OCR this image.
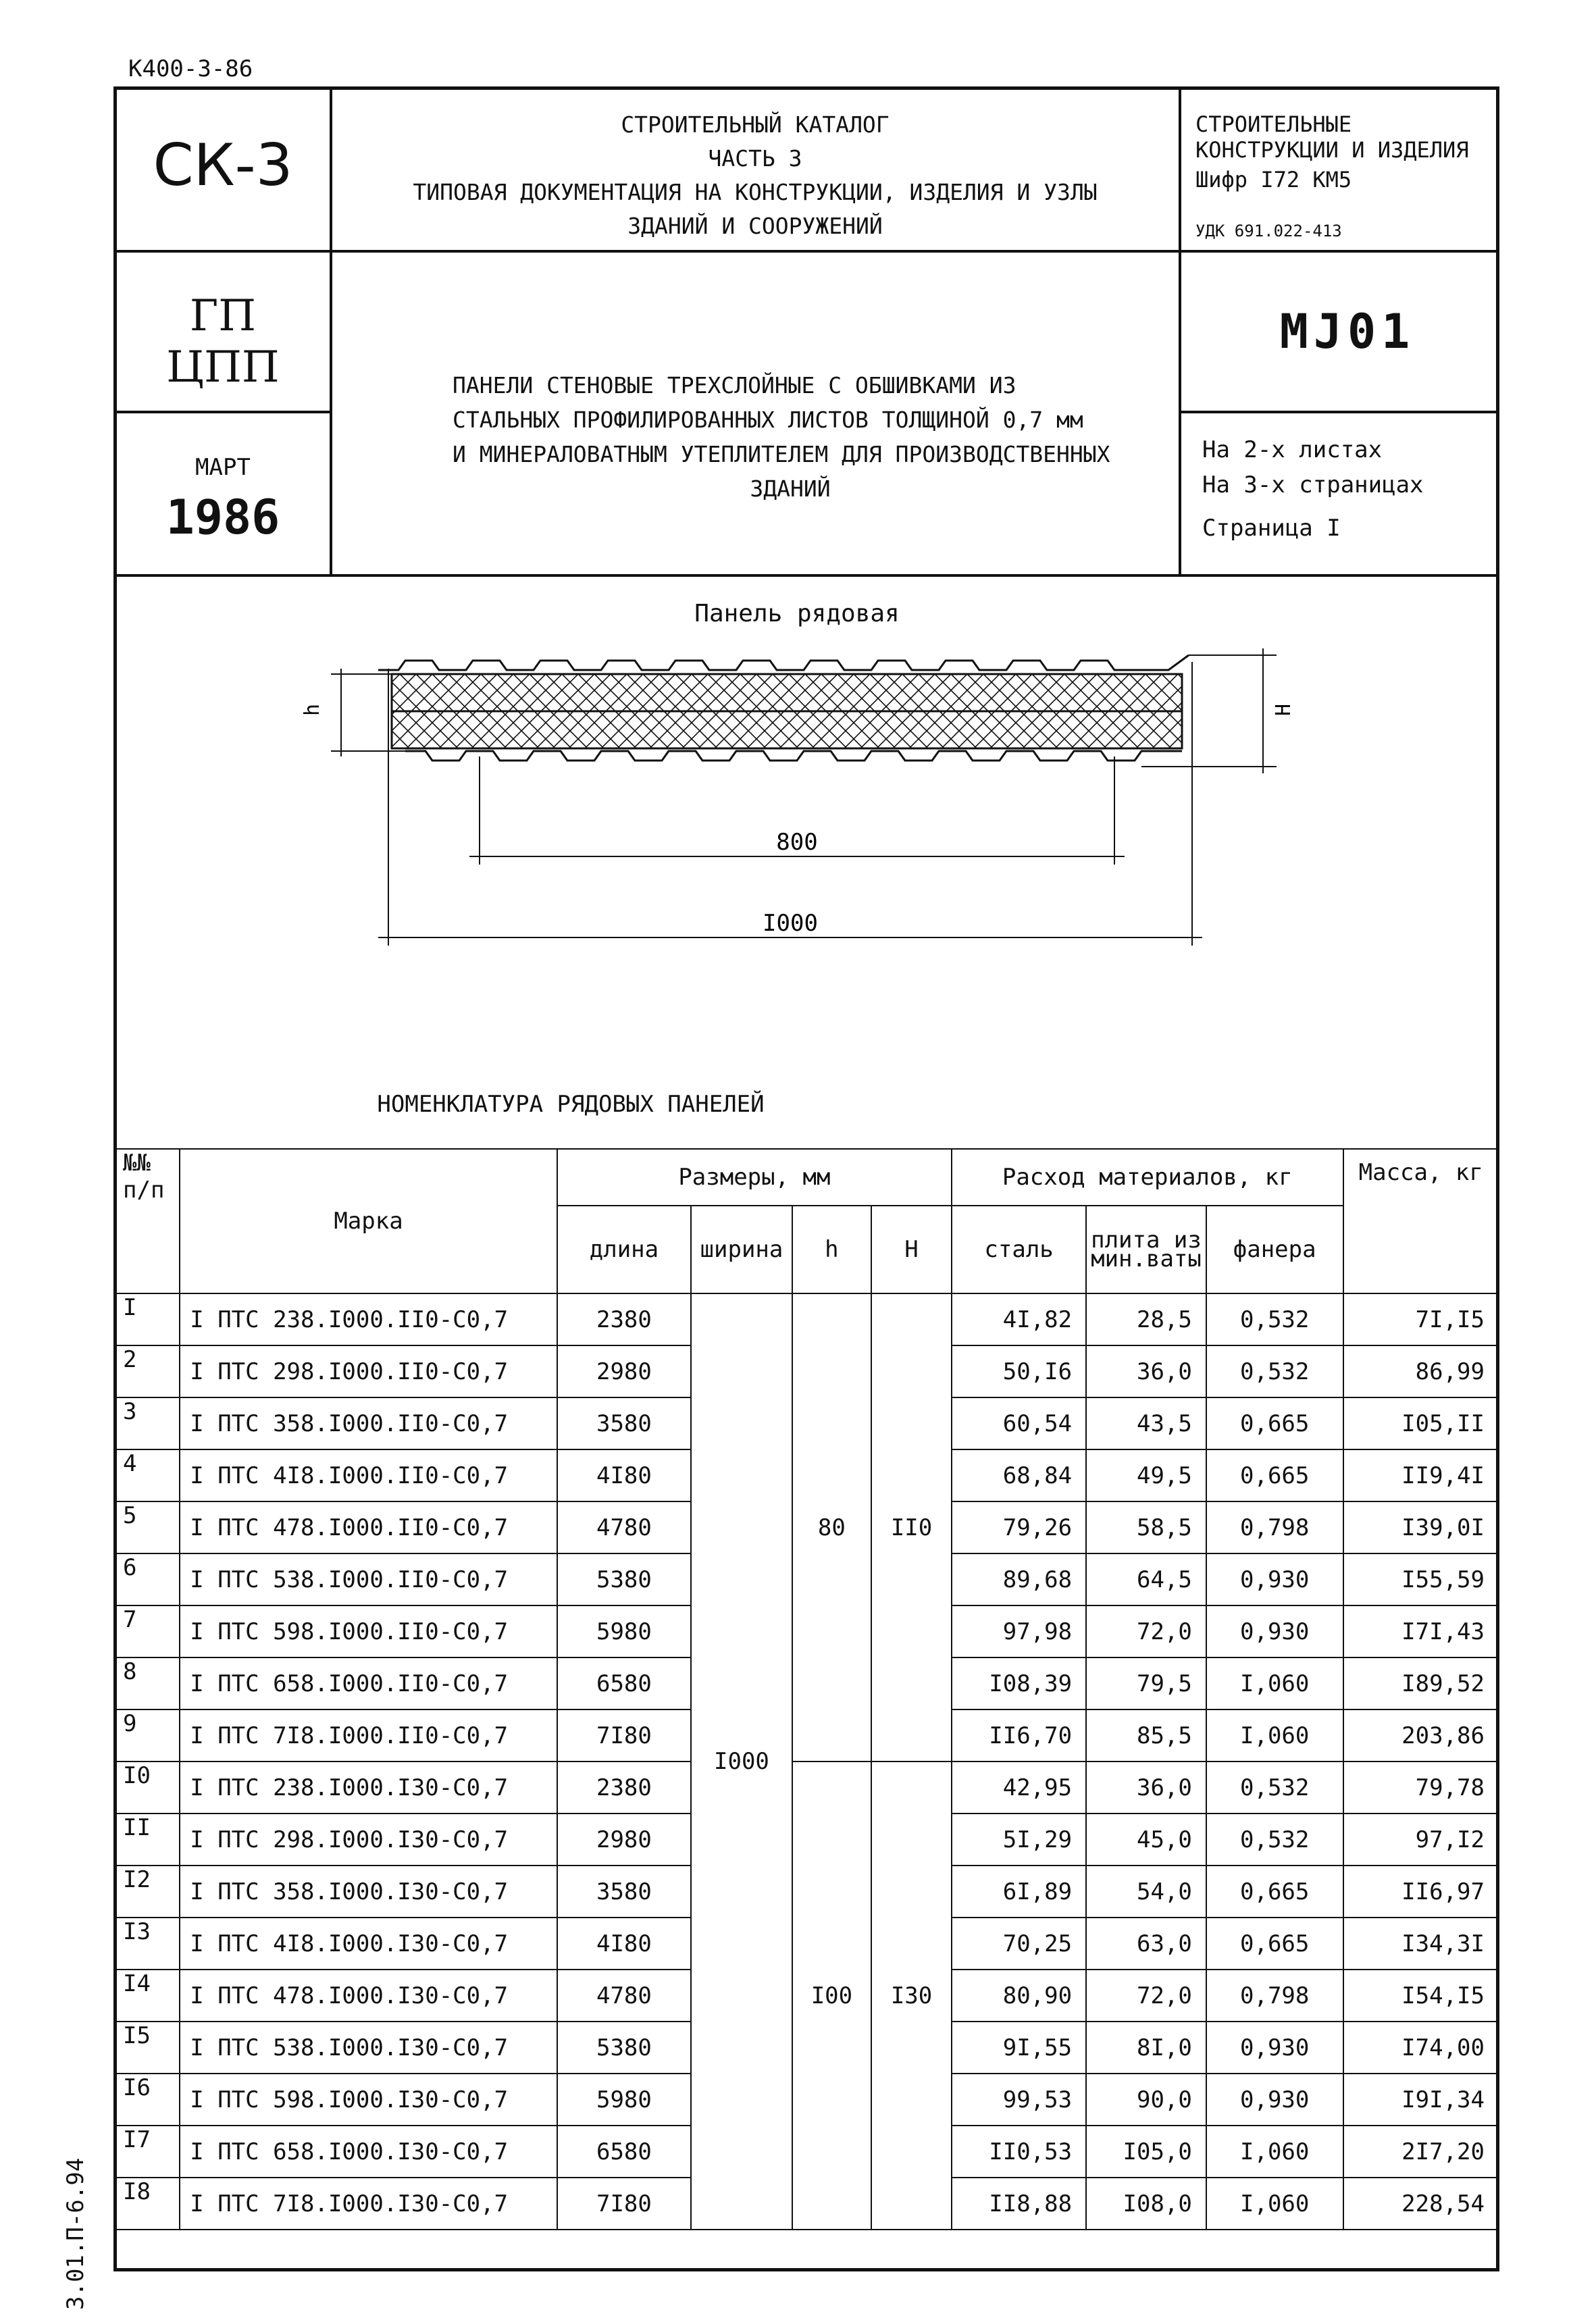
К400-3-86
3.01.П-6.94
СК-3
СТРОИТЕЛЬНЫЙ КАТАЛОГ
ЧАСТЬ 3
ТИПОВАЯ ДОКУМЕНТАЦИЯ НА КОНСТРУКЦИИ, ИЗДЕЛИЯ И УЗЛЫ
ЗДАНИЙ И СООРУЖЕНИЙ
СТРОИТЕЛЬНЫЕ
КОНСТРУКЦИИ И ИЗДЕЛИЯ
Шифр I72 КМ5
УДК 691.022-413
ГП
ЦПП
МАРТ
1986
ПАНЕЛИ СТЕНОВЫЕ ТРЕХСЛОЙНЫЕ С ОБШИВКАМИ ИЗ
СТАЛЬНЫХ ПРОФИЛИРОВАННЫХ ЛИСТОВ ТОЛЩИНОЙ 0,7 мм
И МИНЕРАЛОВАТНЫМ УТЕПЛИТЕЛЕМ ДЛЯ ПРОИЗВОДСТВЕННЫХ
ЗДАНИЙ
МJ01
На 2-х листах
На 3-х страницах
Страница I
Панель рядовая
h	H
800
I000
НОМЕНКЛАТУРА РЯДОВЫХ ПАНЕЛЕЙ
№№ п/п	Марка	Размеры, мм				Расход материалов, кг			Масса, кг
		длина	ширина	h	Н	сталь	плита из мин.ваты	фанера	
I	I ПТС 238.I000.II0-C0,7	2380	I000	80	II0	4I,82	28,5	0,532	7I,I5
2	I ПТС 298.I000.II0-C0,7	2980				50,I6	36,0	0,532	86,99
3	I ПТС 358.I000.II0-C0,7	3580				60,54	43,5	0,665	I05,II
4	I ПТС 4I8.I000.II0-C0,7	4I80				68,84	49,5	0,665	II9,4I
5	I ПТС 478.I000.II0-C0,7	4780				79,26	58,5	0,798	I39,0I
6	I ПТС 538.I000.II0-C0,7	5380				89,68	64,5	0,930	I55,59
7	I ПТС 598.I000.II0-C0,7	5980				97,98	72,0	0,930	I7I,43
8	I ПТС 658.I000.II0-C0,7	6580				I08,39	79,5	I,060	I89,52
9	I ПТС 7I8.I000.II0-C0,7	7I80				II6,70	85,5	I,060	203,86
I0	I ПТС 238.I000.I30-C0,7	2380		I00	I30	42,95	36,0	0,532	79,78
II	I ПТС 298.I000.I30-C0,7	2980				5I,29	45,0	0,532	97,I2
I2	I ПТС 358.I000.I30-C0,7	3580				6I,89	54,0	0,665	II6,97
I3	I ПТС 4I8.I000.I30-C0,7	4I80				70,25	63,0	0,665	I34,3I
I4	I ПТС 478.I000.I30-C0,7	4780				80,90	72,0	0,798	I54,I5
I5	I ПТС 538.I000.I30-C0,7	5380				9I,55	8I,0	0,930	I74,00
I6	I ПТС 598.I000.I30-C0,7	5980				99,53	90,0	0,930	I9I,34
I7	I ПТС 658.I000.I30-C0,7	6580				II0,53	I05,0	I,060	2I7,20
I8	I ПТС 7I8.I000.I30-C0,7	7I80				II8,88	I08,0	I,060	228,54
